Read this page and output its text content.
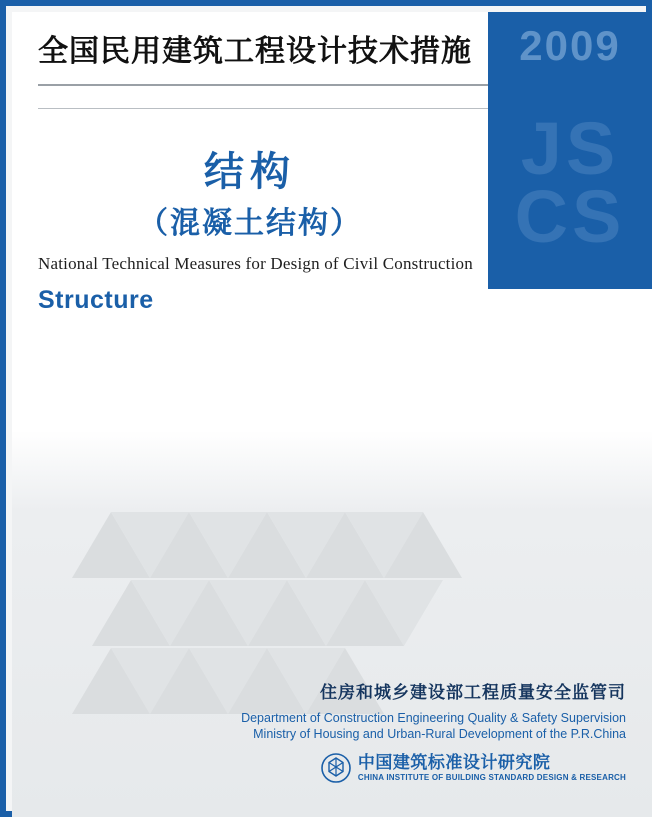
2009
JS
CS
全国民用建筑工程设计技术措施
结构
（混凝土结构）
National Technical Measures for Design of Civil Construction
Structure
住房和城乡建设部工程质量安全监管司
Department of Construction Engineering Quality & Safety Supervision
Ministry of Housing and Urban-Rural Development of the P.R.China
中国建筑标准设计研究院
CHINA INSTITUTE OF BUILDING STANDARD DESIGN & RESEARCH
